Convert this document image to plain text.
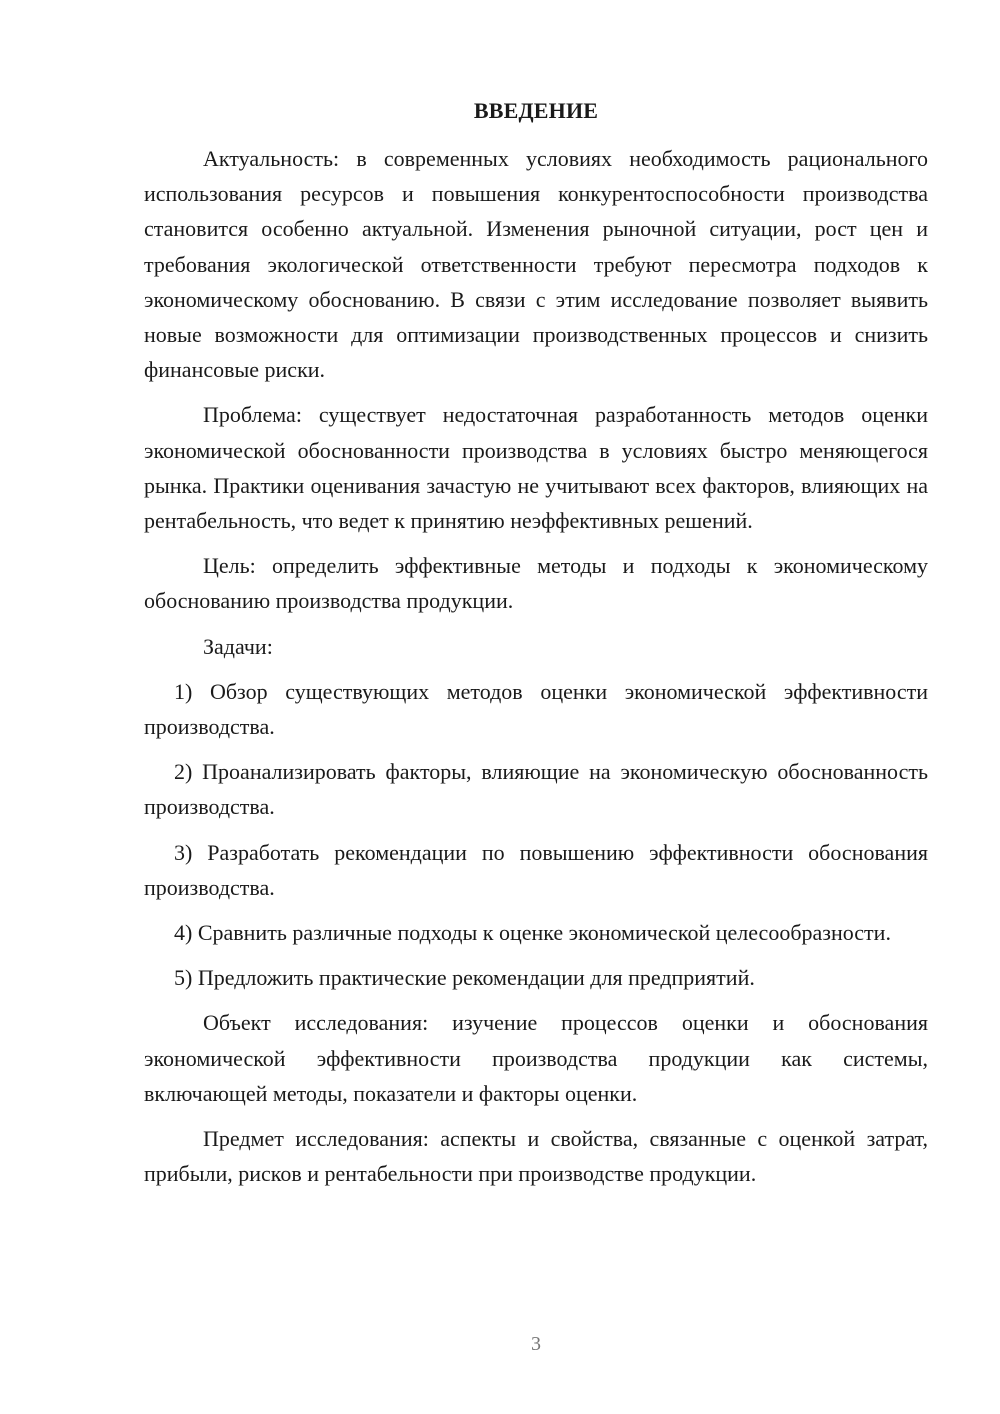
ВВЕДЕНИЕ

Актуальность: в современных условиях необходимость рационального использования ресурсов и повышения конкурентоспособности производства становится особенно актуальной. Изменения рыночной ситуации, рост цен и требования экологической ответственности требуют пересмотра подходов к экономическому обоснованию. В связи с этим исследование позволяет выявить новые возможности для оптимизации производственных процессов и снизить финансовые риски.

Проблема: существует недостаточная разработанность методов оценки экономической обоснованности производства в условиях быстро меняющегося рынка. Практики оценивания зачастую не учитывают всех факторов, влияющих на рентабельность, что ведет к принятию неэффективных решений.

Цель: определить эффективные методы и подходы к экономическому обоснованию производства продукции.

Задачи:

1) Обзор существующих методов оценки экономической эффективности производства.

2) Проанализировать факторы, влияющие на экономическую обоснованность производства.

3) Разработать рекомендации по повышению эффективности обоснования производства.

4) Сравнить различные подходы к оценке экономической целесообразности.

5) Предложить практические рекомендации для предприятий.

Объект исследования: изучение процессов оценки и обоснования экономической эффективности производства продукции как системы, включающей методы, показатели и факторы оценки.

Предмет исследования: аспекты и свойства, связанные с оценкой затрат, прибыли, рисков и рентабельности при производстве продукции.

3
